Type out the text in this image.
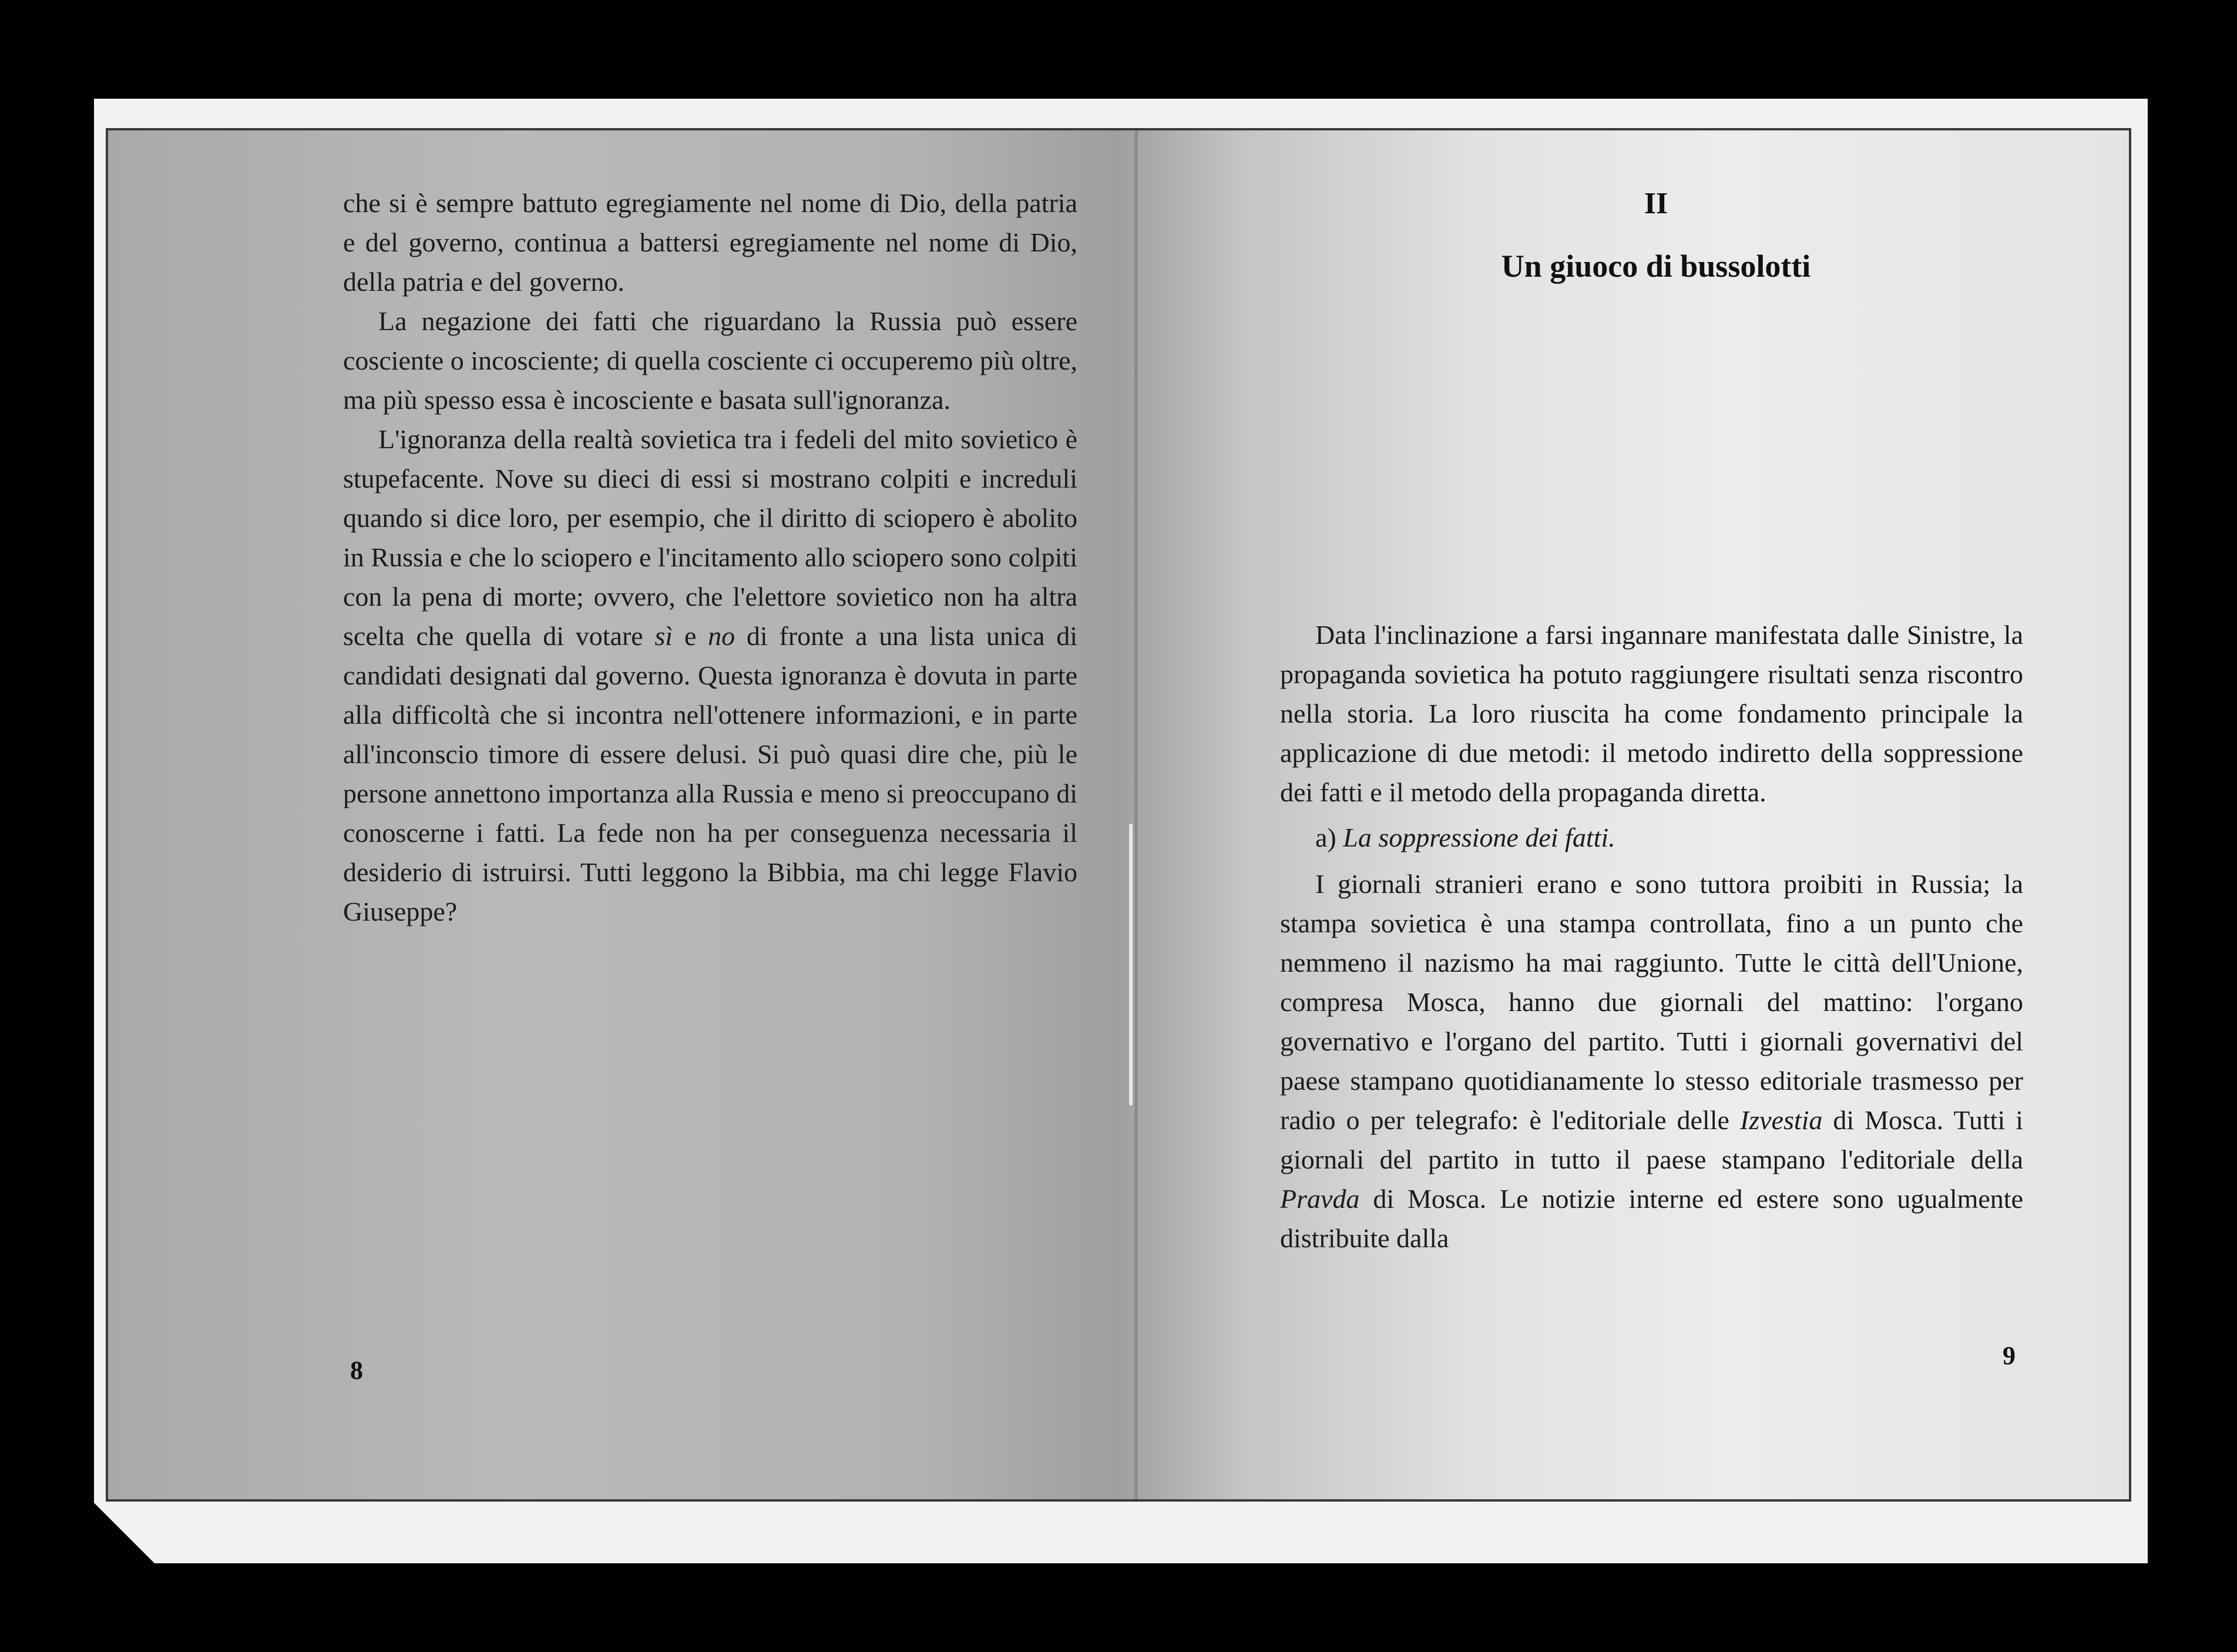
che si è sempre battuto egregiamente nel nome di Dio, della patria e del governo, continua a battersi egregiamente nel nome di Dio, della patria e del governo.

La negazione dei fatti che riguardano la Russia può essere cosciente o incosciente; di quella cosciente ci occuperemo più oltre, ma più spesso essa è incosciente e basata sull'ignoranza.

L'ignoranza della realtà sovietica tra i fedeli del mito sovietico è stupefacente. Nove su dieci di essi si mostrano colpiti e increduli quando si dice loro, per esempio, che il diritto di sciopero è abolito in Russia e che lo sciopero e l'incitamento allo sciopero sono colpiti con la pena di morte; ovvero, che l'elettore sovietico non ha altra scelta che quella di votare sì e no di fronte a una lista unica di candidati designati dal governo. Questa ignoranza è dovuta in parte alla difficoltà che si incontra nell'ottenere informazioni, e in parte all'inconscio timore di essere delusi. Si può quasi dire che, più le persone annettono importanza alla Russia e meno si preoccupano di conoscerne i fatti. La fede non ha per conseguenza necessaria il desiderio di istruirsi. Tutti leggono la Bibbia, ma chi legge Flavio Giuseppe?

8
II
Un giuoco di bussolotti

Data l'inclinazione a farsi ingannare manifestata dalle Sinistre, la propaganda sovietica ha potuto raggiungere risultati senza riscontro nella storia. La loro riuscita ha come fondamento principale la applicazione di due metodi: il metodo indiretto della soppressione dei fatti e il metodo della propaganda diretta.

a) La soppressione dei fatti.

I giornali stranieri erano e sono tuttora proibiti in Russia; la stampa sovietica è una stampa controllata, fino a un punto che nemmeno il nazismo ha mai raggiunto. Tutte le città dell'Unione, compresa Mosca, hanno due giornali del mattino: l'organo governativo e l'organo del partito. Tutti i giornali governativi del paese stampano quotidianamente lo stesso editoriale trasmesso per radio o per telegrafo: è l'editoriale delle Izvestia di Mosca. Tutti i giornali del partito in tutto il paese stampano l'editoriale della Pravda di Mosca. Le notizie interne ed estere sono ugualmente distribuite dalla

9
